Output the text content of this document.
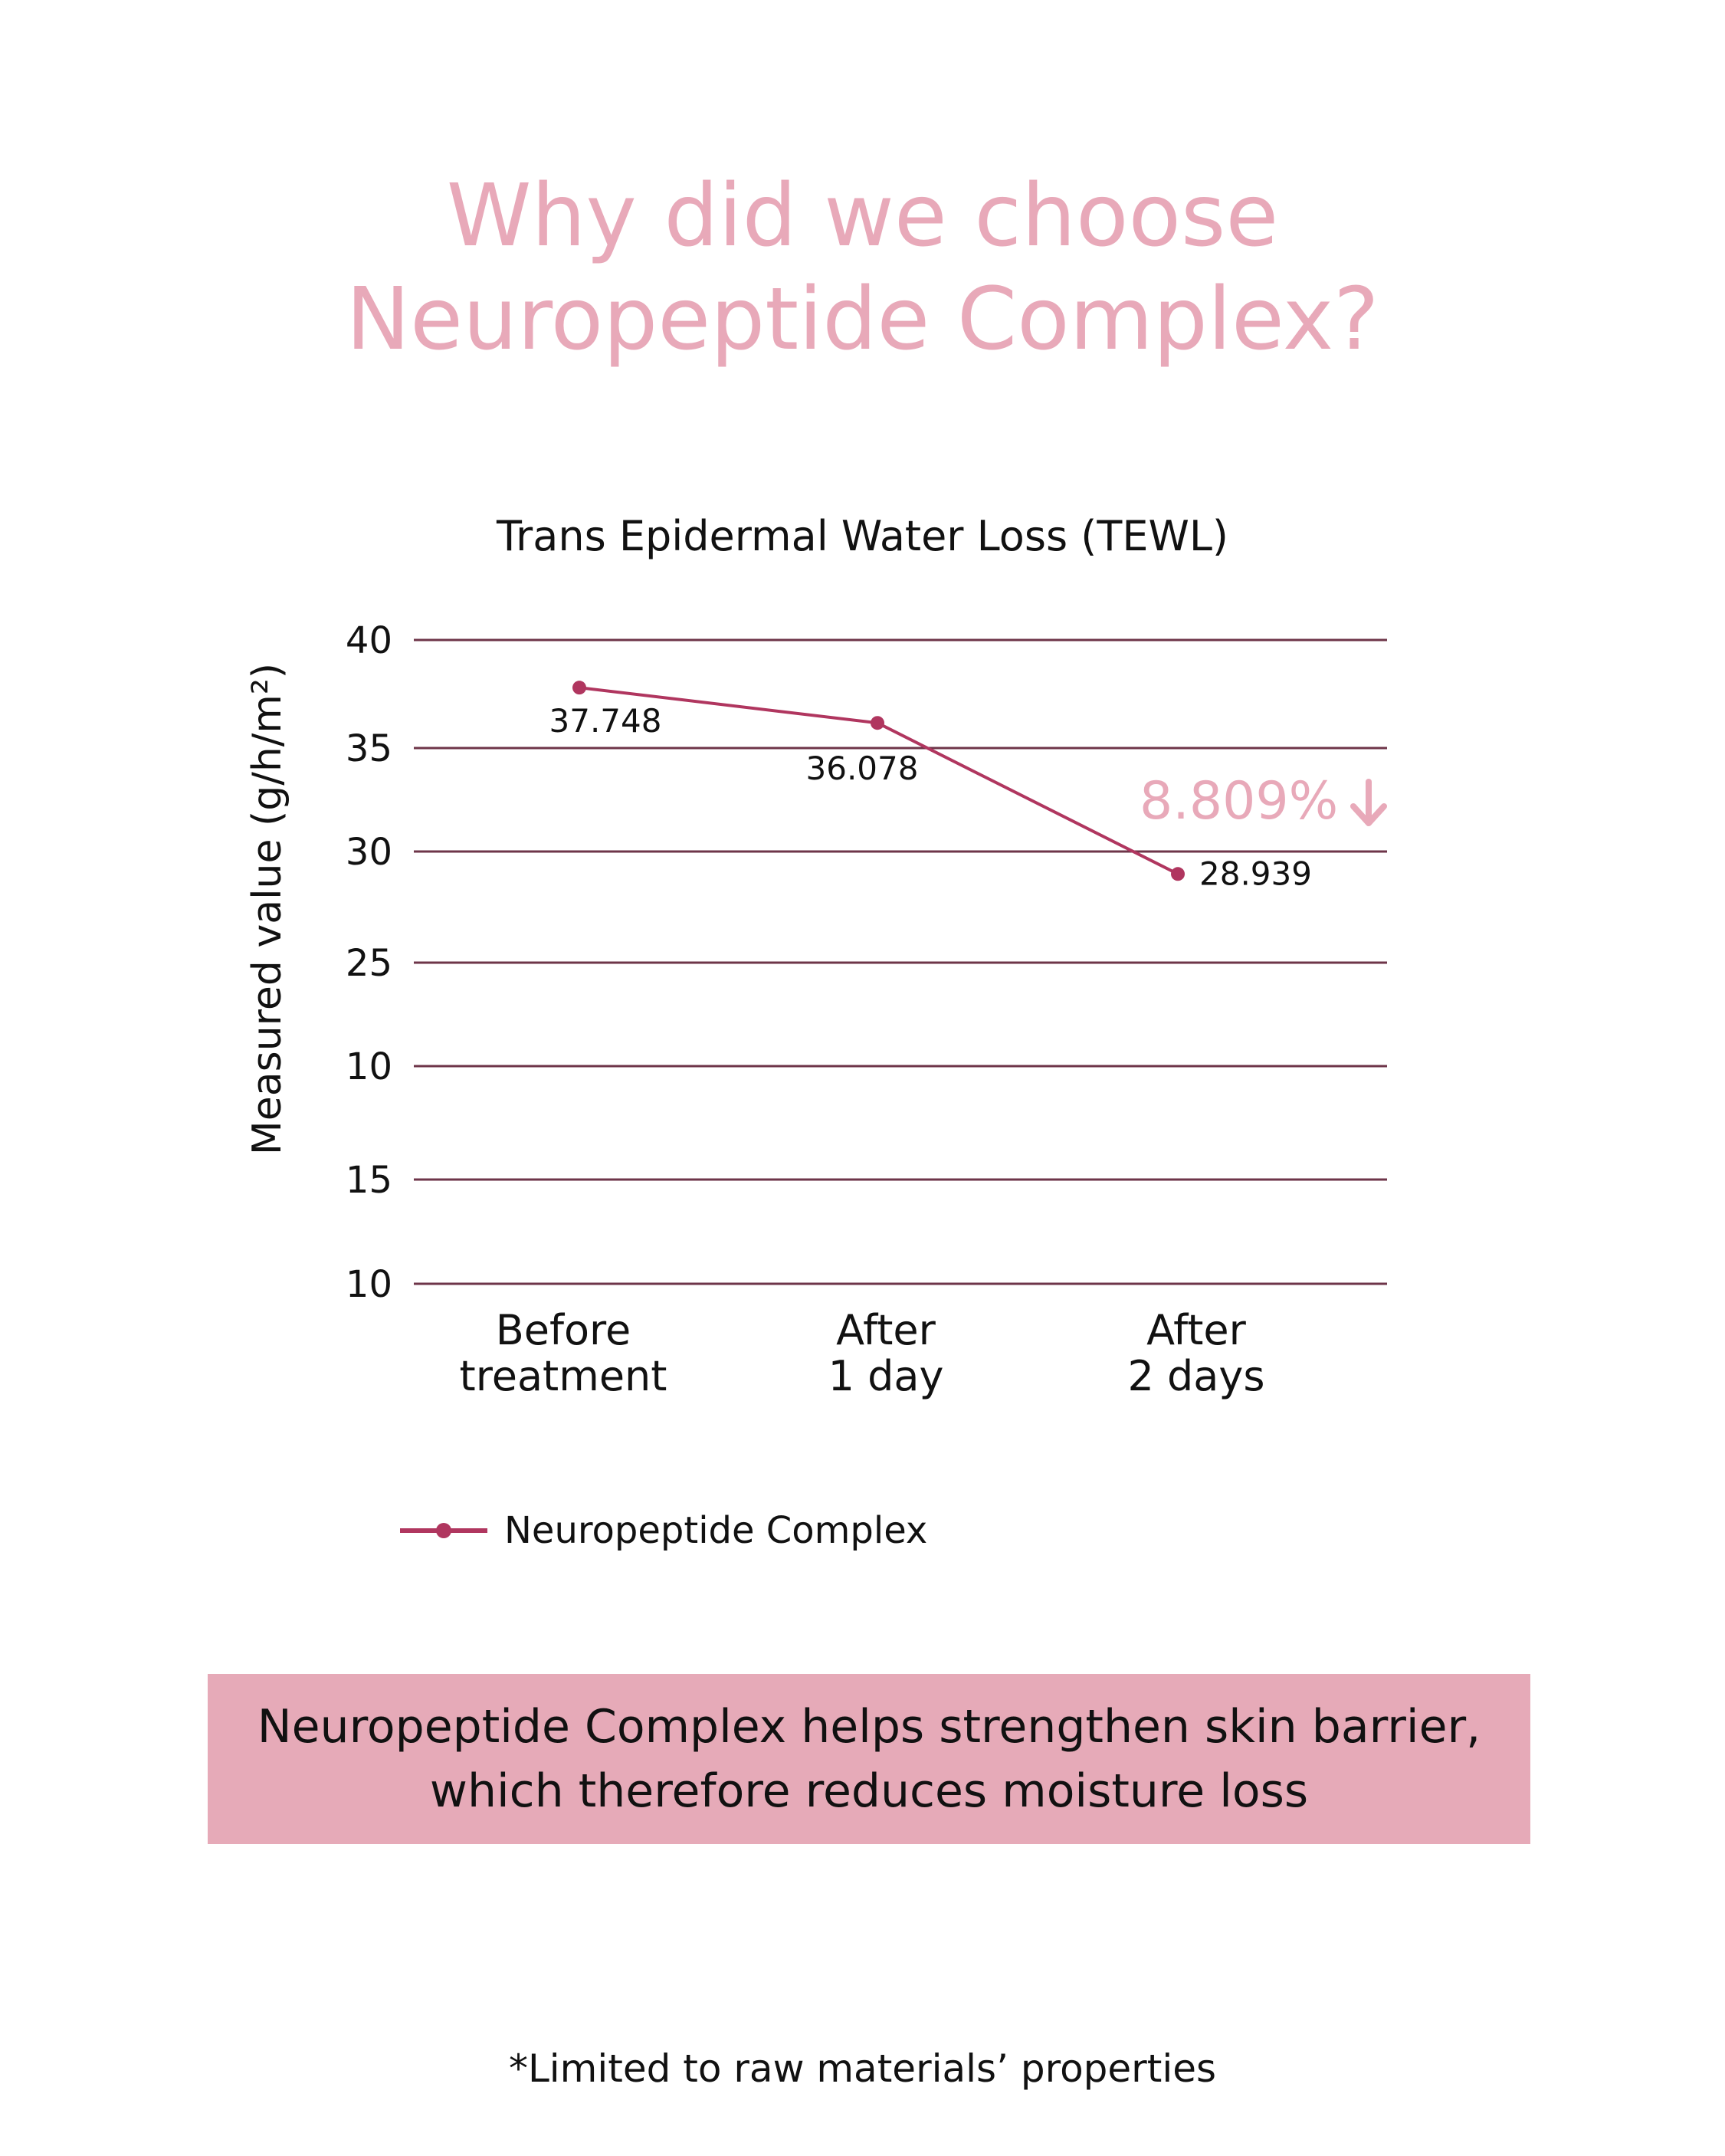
Why did we choose
Neuropeptide Complex?
Trans Epidermal Water Loss (TEWL)
Measured value (g/h/m²)
40
35
30
25
10
15
10
Before
treatment
After
1 day
After
2 days
37.748
36.078
28.939
8.809%
Neuropeptide Complex
Neuropeptide Complex helps strengthen skin barrier,
which therefore reduces moisture loss
*Limited to raw materials’ properties
